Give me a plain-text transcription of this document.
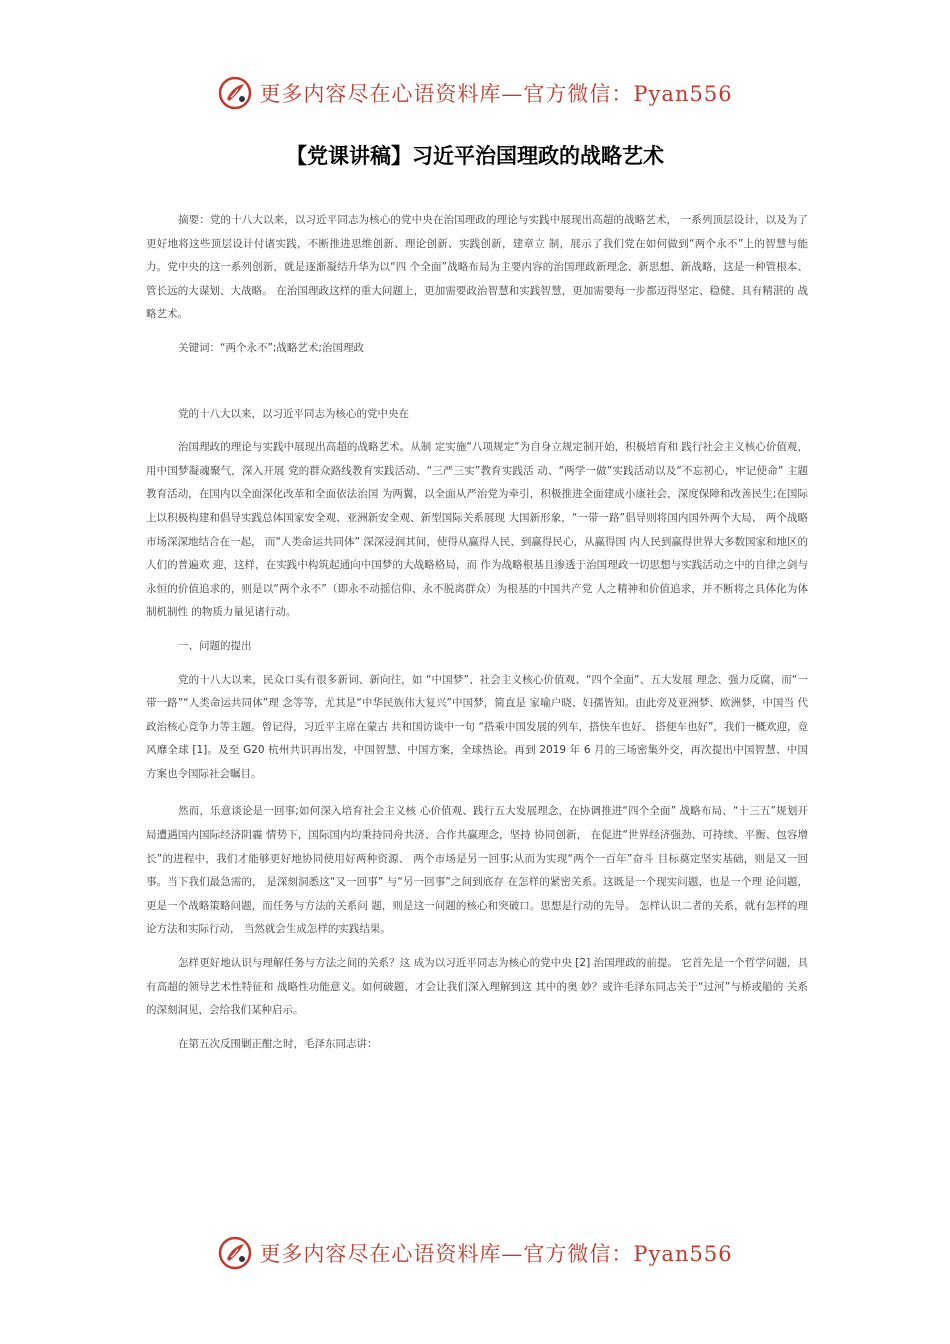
更多内容尽在心语资料库—官方微信：Pyan556
【党课讲稿】习近平治国理政的战略艺术

摘要：党的十八大以来，以习近平同志为核心的党中央在治国理政的理论与实践中展现出高超的战略艺术， 一系列顶层设计，以及为了更好地将这些顶层设计付诸实践，不断推进思维创新、理论创新、实践创新，建章立 制，展示了我们党在如何做到“两个永不”上的智慧与能力。党中央的这一系列创新，就是逐渐凝结升华为以“四 个全面”战略布局为主要内容的治国理政新理念、新思想、新战略，这是一种管根本、管长远的大谋划、大战略。 在治国理政这样的重大问题上，更加需要政治智慧和实践智慧，更加需要每一步都迈得坚定、稳健、具有精湛的 战略艺术。

关键词：“两个永不”;战略艺术;治国理政

党的十八大以来，以习近平同志为核心的党中央在

治国理政的理论与实践中展现出高超的战略艺术。从制 定实施“八项规定”为自身立规定制开始，积极培育和 践行社会主义核心价值观，用中国梦凝魂聚气，深入开展 党的群众路线教育实践活动、“三严三实”教育实践活 动、“两学一做”实践活动以及“不忘初心，牢记使命” 主题教育活动，在国内以全面深化改革和全面依法治国 为两翼，以全面从严治党为牵引，积极推进全面建成小康社会，深度保障和改善民生;在国际上以积极构建和倡导实践总体国家安全观、亚洲新安全观、新型国际关系展现 大国新形象，“一带一路”倡导则将国内国外两个大局、 两个战略市场深深地结合在一起， 而“人类命运共同体” 深深浸润其间，使得从赢得人民、到赢得民心，从赢得国 内人民到赢得世界大多数国家和地区的人们的普遍欢 迎，这样，在实践中构筑起通向中国梦的大战略格局，而 作为战略根基且渗透于治国理政一切思想与实践活动之中的自律之剑与永恒的价值追求的，则是以“两个永不”（即永不动摇信仰、永不脱离群众）为根基的中国共产党 人之精神和价值追求，并不断将之具体化为体制机制性 的物质力量见诸行动。

一、问题的提出

党的十八大以来，民众口头有很多新词、新向往，如 “中国梦”、社会主义核心价值观、“四个全面”、五大发展 理念、强力反腐，而“一带一路”“人类命运共同体”理 念等等，尤其是“中华民族伟大复兴”中国梦，简直是 家喻户晓、妇孺皆知。由此旁及亚洲梦、欧洲梦，中国当 代政治核心竞争力等主题。曾记得，习近平主席在蒙古 共和国访谈中一句 “搭乘中国发展的列车，搭快车也好、 搭便车也好”，我们一概欢迎，竟风靡全球 [1]。及至 G20 杭州共识再出发，中国智慧、中国方案，全球热论。再到 2019 年 6 月的三场密集外交，再次提出中国智慧、中国 方案也令国际社会瞩目。

然而，乐意谈论是一回事;如何深入培育社会主义核 心价值观、践行五大发展理念，在协调推进“四个全面” 战略布局、“十三五”规划开局遭遇国内国际经济阴霾 情势下，国际国内均秉持同舟共济、合作共赢理念，坚持 协同创新， 在促进“世界经济强劲、可持续、平衡、包容增 长”的进程中，我们才能够更好地协同使用好两种资源、 两个市场是另一回事;从而为实现“两个一百年”奋斗 目标奠定坚实基础，则是又一回事。当下我们最急需的， 是深刻洞悉这“又一回事” 与“另一回事”之间到底存 在怎样的紧密关系。这既是一个现实问题，也是一个理 论问题，更是一个战略策略问题，而任务与方法的关系问 题，则是这一问题的核心和突破口。思想是行动的先导。 怎样认识二者的关系，就有怎样的理论方法和实际行动， 当然就会生成怎样的实践结果。

怎样更好地认识与理解任务与方法之间的关系？这 成为以习近平同志为核心的党中央 [2] 治国理政的前提。 它首先是一个哲学问题，具有高超的领导艺术性特征和 战略性功能意义。如何破题，才会让我们深入理解到这 其中的奥 妙？或许毛泽东同志关于“过河”与桥或船的 关系的深刻洞见，会给我们某种启示。

在第五次反围剿正酣之时，毛泽东同志讲：

更多内容尽在心语资料库—官方微信：Pyan556
